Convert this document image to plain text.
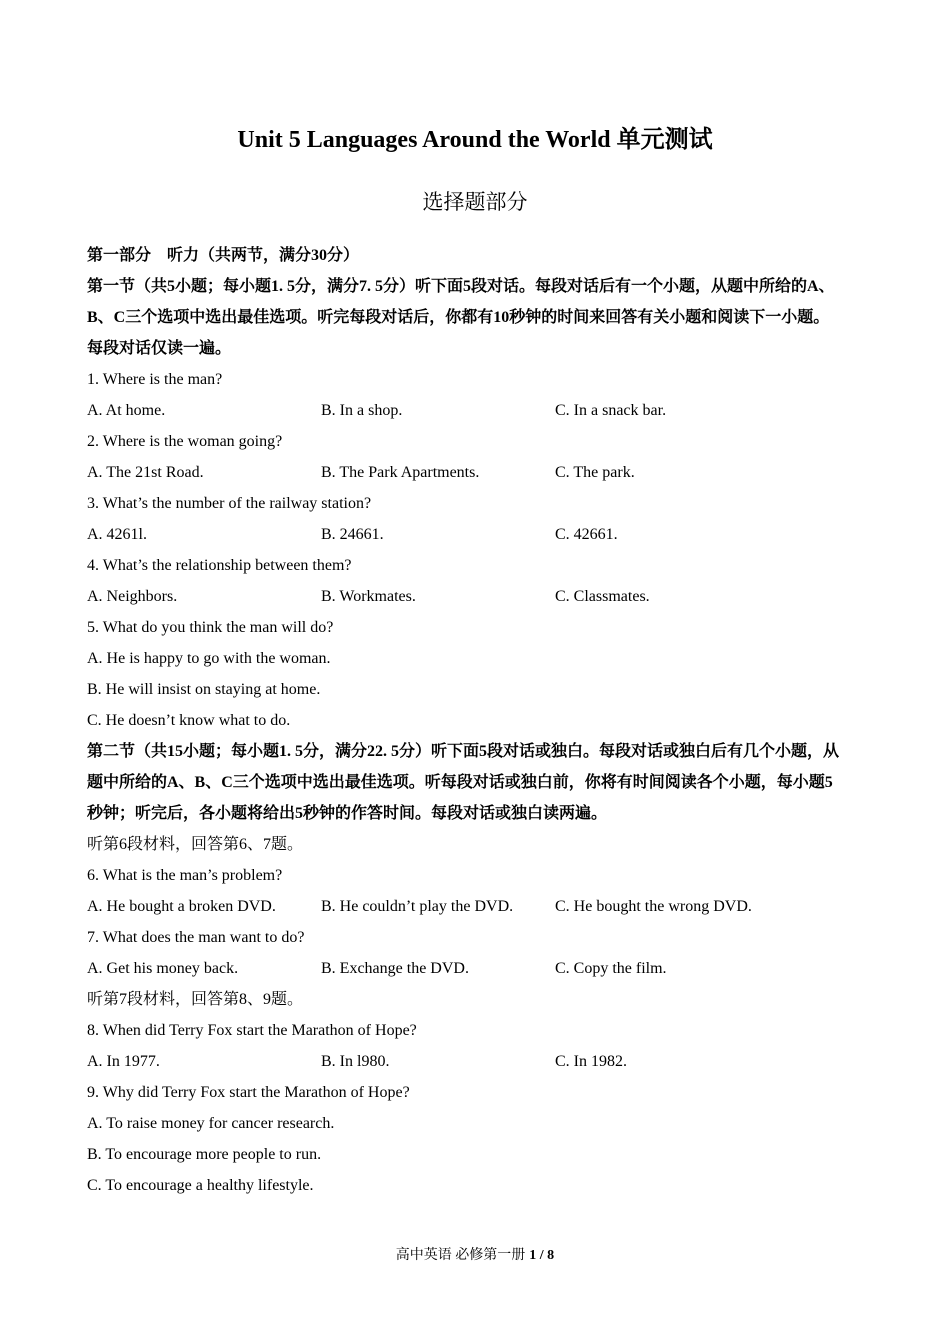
Unit 5 Languages Around the World 单元测试
选择题部分
第一部分　听力（共两节，满分30分）
第一节（共5小题；每小题1. 5分，满分7. 5分）听下面5段对话。每段对话后有一个小题，从题中所给的A、
B、C三个选项中选出最佳选项。听完每段对话后，你都有10秒钟的时间来回答有关小题和阅读下一小题。
每段对话仅读一遍。
1. Where is the man?
A. At home.	B. In a shop.	C. In a snack bar.
2. Where is the woman going?
A. The 21st Road.	B. The Park Apartments.	C. The park.
3. What’s the number of the railway station?
A. 4261l.	B. 24661.	C. 42661.
4. What’s the relationship between them?
A. Neighbors.	B. Workmates.	C. Classmates.
5. What do you think the man will do?
A. He is happy to go with the woman.
B. He will insist on staying at home.
C. He doesn’t know what to do.
第二节（共15小题；每小题1. 5分，满分22. 5分）听下面5段对话或独白。每段对话或独白后有几个小题，从
题中所给的A、B、C三个选项中选出最佳选项。听每段对话或独白前，你将有时间阅读各个小题，每小题5
秒钟；听完后，各小题将给出5秒钟的作答时间。每段对话或独白读两遍。
听第6段材料，回答第6、7题。
6. What is the man’s problem?
A. He bought a broken DVD.	B. He couldn’t play the DVD.	C. He bought the wrong DVD.
7. What does the man want to do?
A. Get his money back.	B. Exchange the DVD.	C. Copy the film.
听第7段材料，回答第8、9题。
8. When did Terry Fox start the Marathon of Hope?
A. In 1977.	B. In l980.	C. In 1982.
9. Why did Terry Fox start the Marathon of Hope?
A. To raise money for cancer research.
B. To encourage more people to run.
C. To encourage a healthy lifestyle.
高中英语 必修第一册 1 / 8
